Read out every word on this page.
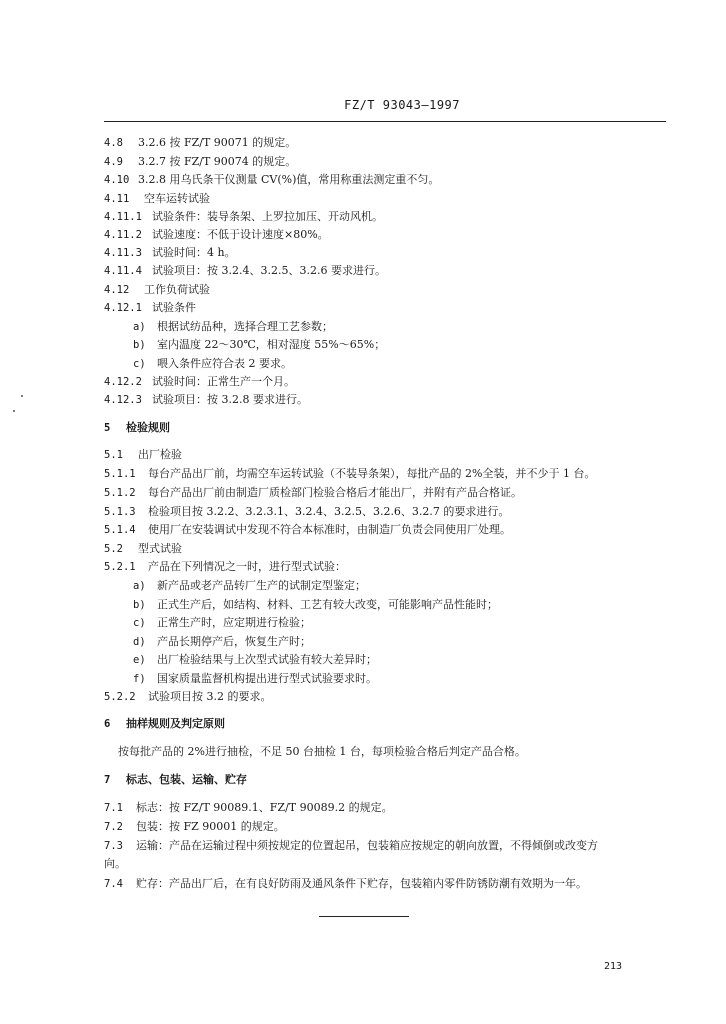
FZ/T 93043—1997
4.8 3.2.6 按 FZ/T 90071 的规定。
4.9 3.2.7 按 FZ/T 90074 的规定。
4.10 3.2.8 用乌氏条干仪测量 CV(%)值，常用称重法测定重不匀。
4.11 空车运转试验
4.11.1 试验条件：装导条架、上罗拉加压、开动风机。
4.11.2 试验速度：不低于设计速度×80%。
4.11.3 试验时间：4 h。
4.11.4 试验项目：按 3.2.4、3.2.5、3.2.6 要求进行。
4.12 工作负荷试验
4.12.1 试验条件
a) 根据试纺品种，选择合理工艺参数；
b) 室内温度 22～30℃，相对湿度 55%～65%；
c) 喂入条件应符合表 2 要求。
4.12.2 试验时间：正常生产一个月。
4.12.3 试验项目：按 3.2.8 要求进行。
5 检验规则
5.1 出厂检验
5.1.1 每台产品出厂前，均需空车运转试验（不装导条架），每批产品的 2%全装，并不少于 1 台。
5.1.2 每台产品出厂前由制造厂质检部门检验合格后才能出厂，并附有产品合格证。
5.1.3 检验项目按 3.2.2、3.2.3.1、3.2.4、3.2.5、3.2.6、3.2.7 的要求进行。
5.1.4 使用厂在安装调试中发现不符合本标准时，由制造厂负责会同使用厂处理。
5.2 型式试验
5.2.1 产品在下列情况之一时，进行型式试验：
a) 新产品或老产品转厂生产的试制定型鉴定；
b) 正式生产后，如结构、材料、工艺有较大改变，可能影响产品性能时；
c) 正常生产时，应定期进行检验；
d) 产品长期停产后，恢复生产时；
e) 出厂检验结果与上次型式试验有较大差异时；
f) 国家质量监督机构提出进行型式试验要求时。
5.2.2 试验项目按 3.2 的要求。
6 抽样规则及判定原则
按每批产品的 2%进行抽检，不足 50 台抽检 1 台，每项检验合格后判定产品合格。
7 标志、包装、运输、贮存
7.1 标志：按 FZ/T 90089.1、FZ/T 90089.2 的规定。
7.2 包装：按 FZ 90001 的规定。
7.3 运输：产品在运输过程中须按规定的位置起吊，包装箱应按规定的朝向放置，不得倾倒或改变方
向。
7.4 贮存：产品出厂后，在有良好防雨及通风条件下贮存，包装箱内零件防锈防潮有效期为一年。
213
